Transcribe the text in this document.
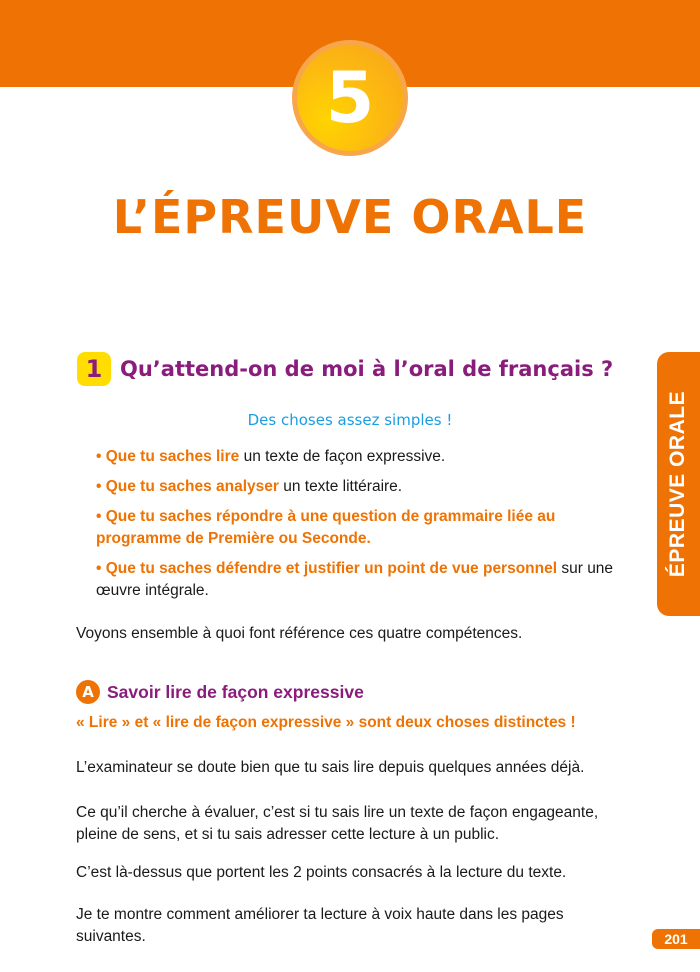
5
L’ÉPREUVE ORALE
ÉPREUVE ORALE
1 Qu’attend-on de moi à l’oral de français ?
Des choses assez simples !

• Que tu saches lire un texte de façon expressive.

• Que tu saches analyser un texte littéraire.

• Que tu saches répondre à une question de grammaire liée au programme de Première ou Seconde.

• Que tu saches défendre et justifier un point de vue personnel sur une œuvre intégrale.

Voyons ensemble à quoi font référence ces quatre compétences.

A Savoir lire de façon expressive

« Lire » et « lire de façon expressive » sont deux choses distinctes !

L’examinateur se doute bien que tu sais lire depuis quelques années déjà.

Ce qu’il cherche à évaluer, c’est si tu sais lire un texte de façon engageante, pleine de sens, et si tu sais adresser cette lecture à un public.

C’est là-dessus que portent les 2 points consacrés à la lecture du texte.

Je te montre comment améliorer ta lecture à voix haute dans les pages suivantes.	201
